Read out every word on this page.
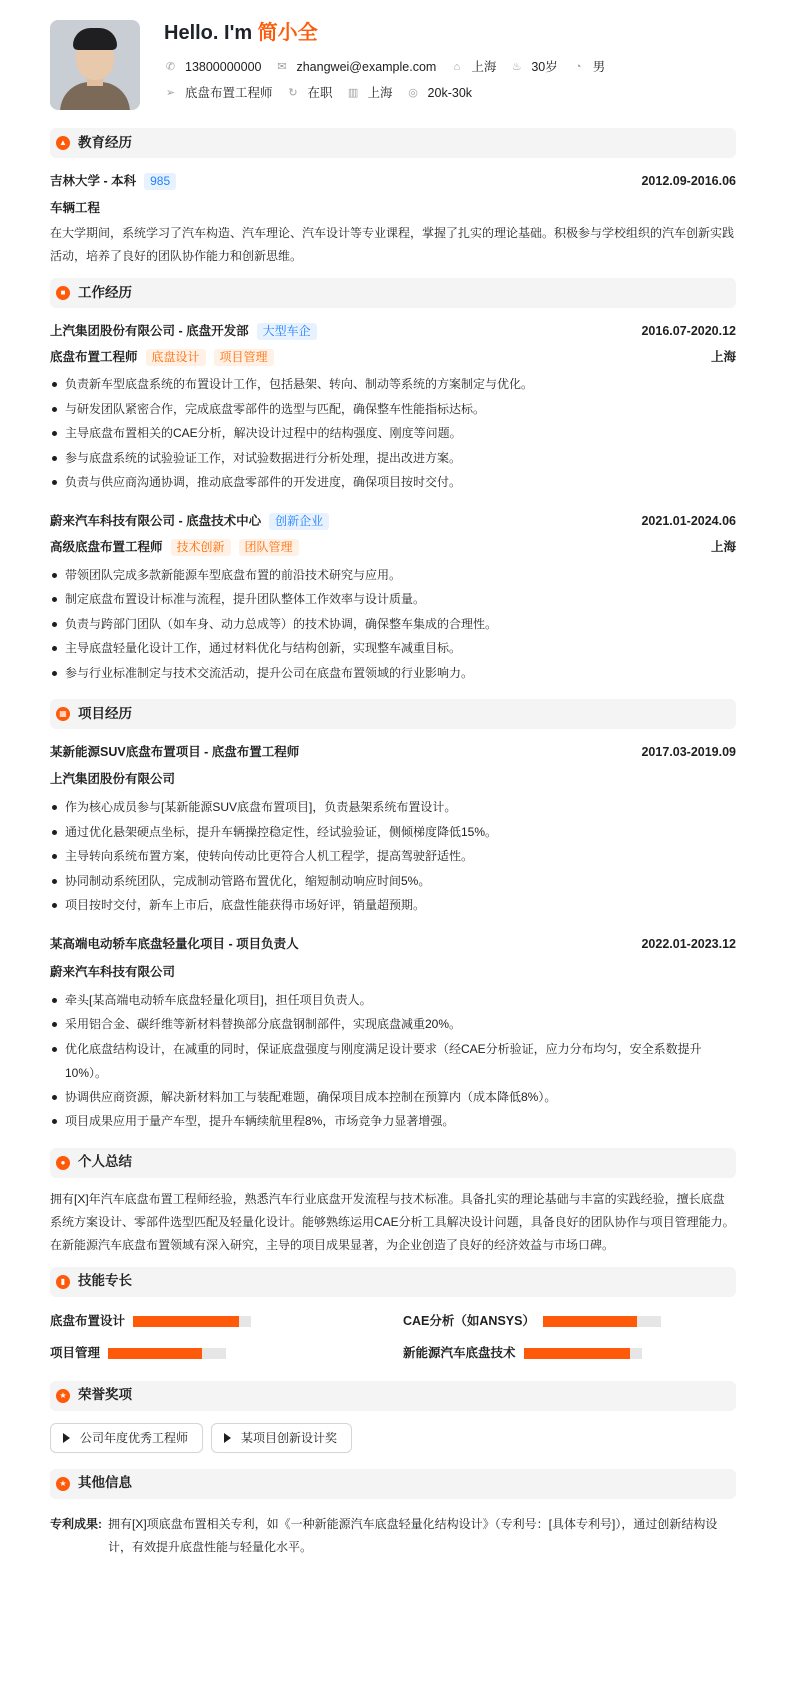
Hello. I'm 简小全
✆ 13800000000 ✉ zhangwei@example.com ⌂ 上海 ♨ 30岁 ◔ 男
➢ 底盘布置工程师 ↻ 在职 ▥ 上海 ◎ 20k-30k
▲ 教育经历
吉林大学 - 本科	985	2012.09-2016.06
车辆工程
在大学期间，系统学习了汽车构造、汽车理论、汽车设计等专业课程，掌握了扎实的理论基础。积极参与学校组织的汽车创新实践活动，培养了良好的团队协作能力和创新思维。
■ 工作经历
上汽集团股份有限公司 - 底盘开发部	大型车企	2016.07-2020.12
底盘布置工程师	底盘设计	项目管理	上海
负责新车型底盘系统的布置设计工作，包括悬架、转向、制动等系统的方案制定与优化。
与研发团队紧密合作，完成底盘零部件的选型与匹配，确保整车性能指标达标。
主导底盘布置相关的CAE分析，解决设计过程中的结构强度、刚度等问题。
参与底盘系统的试验验证工作，对试验数据进行分析处理，提出改进方案。
负责与供应商沟通协调，推动底盘零部件的开发进度，确保项目按时交付。
蔚来汽车科技有限公司 - 底盘技术中心	创新企业	2021.01-2024.06
高级底盘布置工程师	技术创新	团队管理	上海
带领团队完成多款新能源车型底盘布置的前沿技术研究与应用。
制定底盘布置设计标准与流程，提升团队整体工作效率与设计质量。
负责与跨部门团队（如车身、动力总成等）的技术协调，确保整车集成的合理性。
主导底盘轻量化设计工作，通过材料优化与结构创新，实现整车减重目标。
参与行业标准制定与技术交流活动，提升公司在底盘布置领域的行业影响力。
▦ 项目经历
某新能源SUV底盘布置项目 - 底盘布置工程师	2017.03-2019.09
上汽集团股份有限公司
作为核心成员参与[某新能源SUV底盘布置项目]，负责悬架系统布置设计。
通过优化悬架硬点坐标，提升车辆操控稳定性，经试验验证，侧倾梯度降低15%。
主导转向系统布置方案，使转向传动比更符合人机工程学，提高驾驶舒适性。
协同制动系统团队，完成制动管路布置优化，缩短制动响应时间5%。
项目按时交付，新车上市后，底盘性能获得市场好评，销量超预期。
某高端电动轿车底盘轻量化项目 - 项目负责人	2022.01-2023.12
蔚来汽车科技有限公司
牵头[某高端电动轿车底盘轻量化项目]，担任项目负责人。
采用铝合金、碳纤维等新材料替换部分底盘钢制部件，实现底盘减重20%。
优化底盘结构设计，在减重的同时，保证底盘强度与刚度满足设计要求（经CAE分析验证，应力分布均匀，安全系数提升10%）。
协调供应商资源，解决新材料加工与装配难题，确保项目成本控制在预算内（成本降低8%）。
项目成果应用于量产车型，提升车辆续航里程8%，市场竞争力显著增强。
● 个人总结
拥有[X]年汽车底盘布置工程师经验，熟悉汽车行业底盘开发流程与技术标准。具备扎实的理论基础与丰富的实践经验，擅长底盘系统方案设计、零部件选型匹配及轻量化设计。能够熟练运用CAE分析工具解决设计问题，具备良好的团队协作与项目管理能力。在新能源汽车底盘布置领域有深入研究，主导的项目成果显著，为企业创造了良好的经济效益与市场口碑。
▮ 技能专长
底盘布置设计	CAE分析（如ANSYS）
项目管理	新能源汽车底盘技术
★ 荣誉奖项
公司年度优秀工程师	某项目创新设计奖
★ 其他信息
专利成果: 拥有[X]项底盘布置相关专利，如《一种新能源汽车底盘轻量化结构设计》（专利号：[具体专利号]），通过创新结构设计，有效提升底盘性能与轻量化水平。
